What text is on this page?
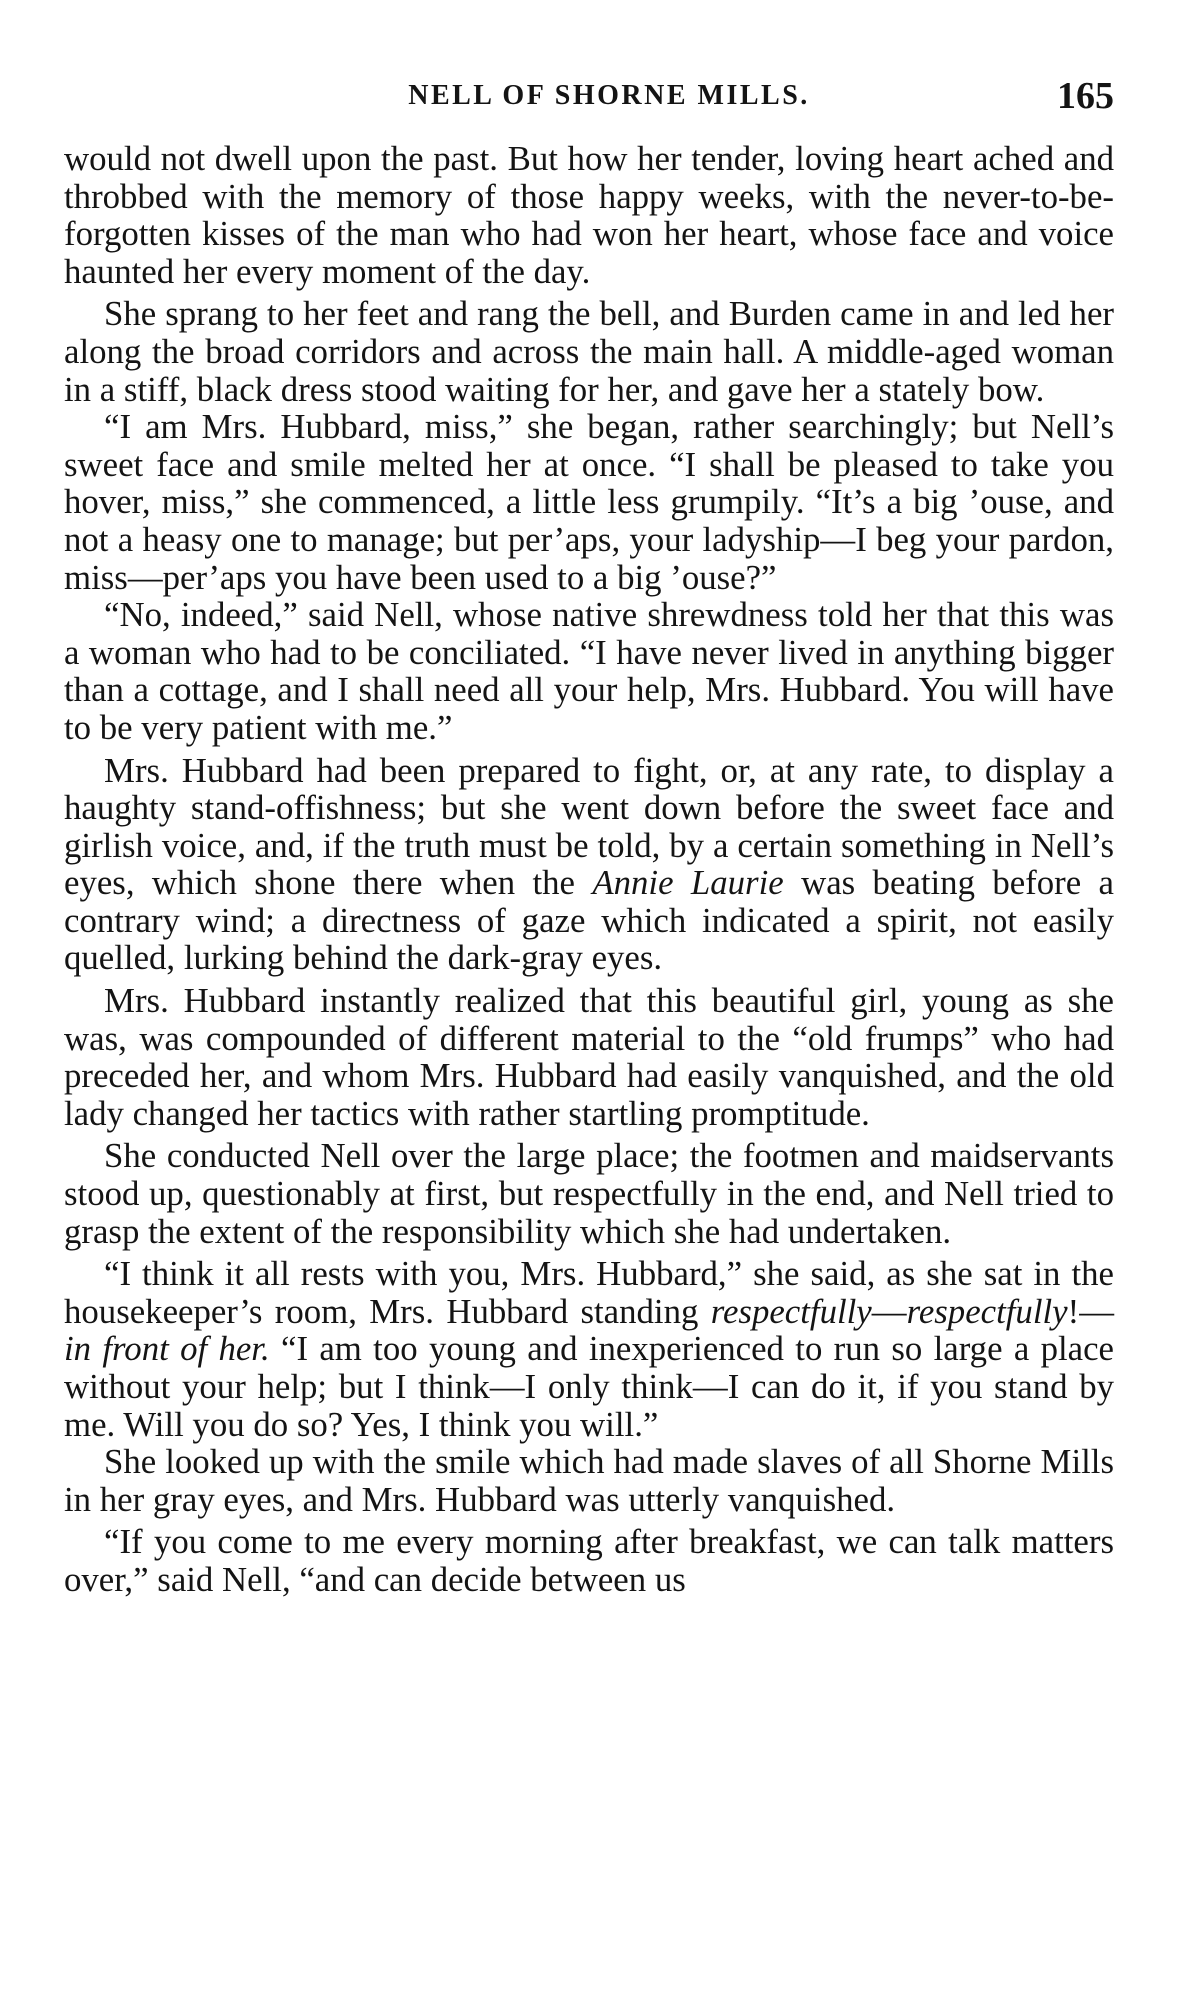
NELL OF SHORNE MILLS.	165

would not dwell upon the past. But how her tender, loving heart ached and throbbed with the memory of those happy weeks, with the never-to-be-forgotten kisses of the man who had won her heart, whose face and voice haunted her every moment of the day.

She sprang to her feet and rang the bell, and Burden came in and led her along the broad corridors and across the main hall. A middle-aged woman in a stiff, black dress stood waiting for her, and gave her a stately bow.

“I am Mrs. Hubbard, miss,” she began, rather searchingly; but Nell’s sweet face and smile melted her at once. “I shall be pleased to take you hover, miss,” she commenced, a little less grumpily. “It’s a big ’ouse, and not a heasy one to manage; but per’aps, your ladyship—I beg your pardon, miss—per’aps you have been used to a big ’ouse?”

“No, indeed,” said Nell, whose native shrewdness told her that this was a woman who had to be conciliated. “I have never lived in anything bigger than a cottage, and I shall need all your help, Mrs. Hubbard. You will have to be very patient with me.”

Mrs. Hubbard had been prepared to fight, or, at any rate, to display a haughty stand-offishness; but she went down before the sweet face and girlish voice, and, if the truth must be told, by a certain something in Nell’s eyes, which shone there when the Annie Laurie was beating before a contrary wind; a directness of gaze which indicated a spirit, not easily quelled, lurking behind the dark-gray eyes.

Mrs. Hubbard instantly realized that this beautiful girl, young as she was, was compounded of different material to the “old frumps” who had preceded her, and whom Mrs. Hubbard had easily vanquished, and the old lady changed her tactics with rather startling promptitude.

She conducted Nell over the large place; the footmen and maidservants stood up, questionably at first, but respectfully in the end, and Nell tried to grasp the extent of the responsibility which she had undertaken.

“I think it all rests with you, Mrs. Hubbard,” she said, as she sat in the housekeeper’s room, Mrs. Hubbard standing respectfully—respectfully!—in front of her. “I am too young and inexperienced to run so large a place without your help; but I think—I only think—I can do it, if you stand by me. Will you do so? Yes, I think you will.”

She looked up with the smile which had made slaves of all Shorne Mills in her gray eyes, and Mrs. Hubbard was utterly vanquished.

“If you come to me every morning after breakfast, we can talk matters over,” said Nell, “and can decide between us
